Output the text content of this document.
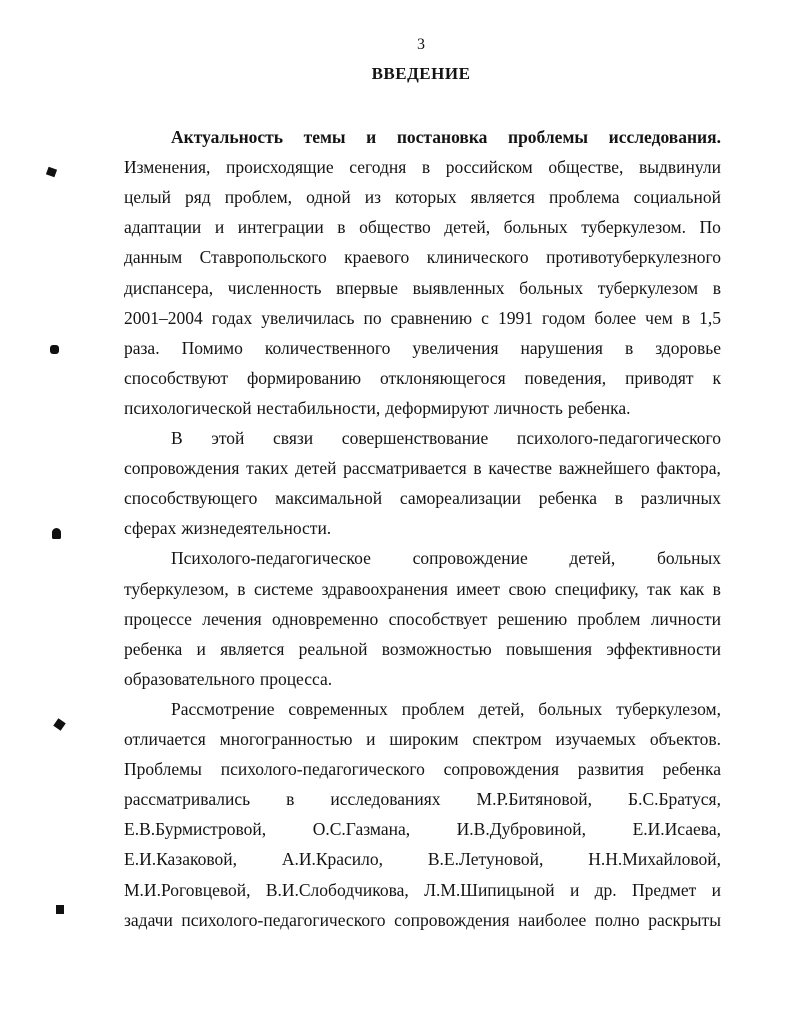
3
ВВЕДЕНИЕ
Актуальность темы и постановка проблемы исследования.
Изменения, происходящие сегодня в российском обществе, выдвинули
целый ряд проблем, одной из которых является проблема социальной
адаптации и интеграции в общество детей, больных туберкулезом. По
данным Ставропольского краевого клинического противотуберкулезного
диспансера, численность впервые выявленных больных туберкулезом в
2001–2004 годах увеличилась по сравнению с 1991 годом более чем в 1,5
раза. Помимо количественного увеличения нарушения в здоровье
способствуют формированию отклоняющегося поведения, приводят к
психологической нестабильности, деформируют личность ребенка.
В этой связи совершенствование психолого-педагогического
сопровождения таких детей рассматривается в качестве важнейшего фактора,
способствующего максимальной самореализации ребенка в различных
сферах жизнедеятельности.
Психолого-педагогическое сопровождение детей, больных
туберкулезом, в системе здравоохранения имеет свою специфику, так как в
процессе лечения одновременно способствует решению проблем личности
ребенка и является реальной возможностью повышения эффективности
образовательного процесса.
Рассмотрение современных проблем детей, больных туберкулезом,
отличается многогранностью и широким спектром изучаемых объектов.
Проблемы психолого-педагогического сопровождения развития ребенка
рассматривались в исследованиях М.Р.Битяновой, Б.С.Братуся,
Е.В.Бурмистровой,	О.С.Газмана,	И.В.Дубровиной,	Е.И.Исаева,
Е.И.Казаковой,	А.И.Красило,	В.Е.Летуновой,	Н.Н.Михайловой,
М.И.Роговцевой, В.И.Слободчикова, Л.М.Шипицыной и др. Предмет и
задачи психолого-педагогического сопровождения наиболее полно раскрыты
